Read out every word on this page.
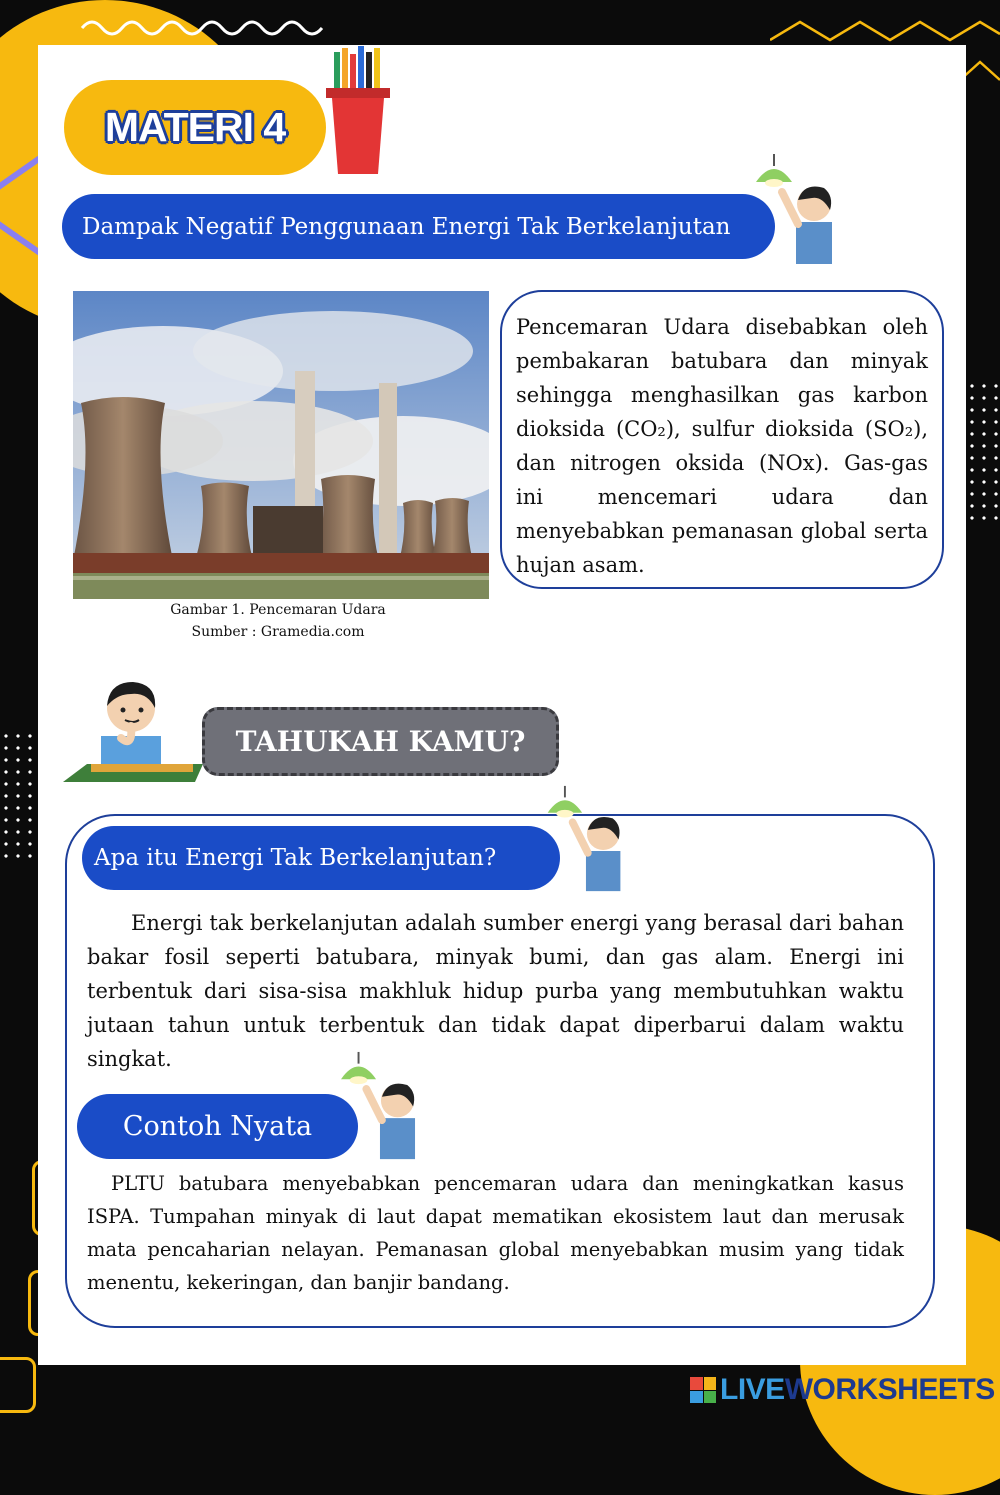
MATERI 4
Dampak Negatif Penggunaan Energi Tak Berkelanjutan
Gambar 1. Pencemaran Udara
Sumber : Gramedia.com
Pencemaran Udara disebabkan oleh pembakaran batubara dan minyak sehingga menghasilkan gas karbon dioksida (CO₂), sulfur dioksida (SO₂), dan nitrogen oksida (NOx). Gas-gas ini mencemari udara dan menyebabkan pemanasan global serta hujan asam.
TAHUKAH KAMU?
Apa itu Energi Tak Berkelanjutan?
Energi tak berkelanjutan adalah sumber energi yang berasal dari bahan bakar fosil seperti batubara, minyak bumi, dan gas alam. Energi ini terbentuk dari sisa-sisa makhluk hidup purba yang membutuhkan waktu jutaan tahun untuk terbentuk dan tidak dapat diperbarui dalam waktu singkat.
Contoh Nyata
PLTU batubara menyebabkan pencemaran udara dan meningkatkan kasus ISPA. Tumpahan minyak di laut dapat mematikan ekosistem laut dan merusak mata pencaharian nelayan. Pemanasan global menyebabkan musim yang tidak menentu, kekeringan, dan banjir bandang.
LIVEWORKSHEETS
